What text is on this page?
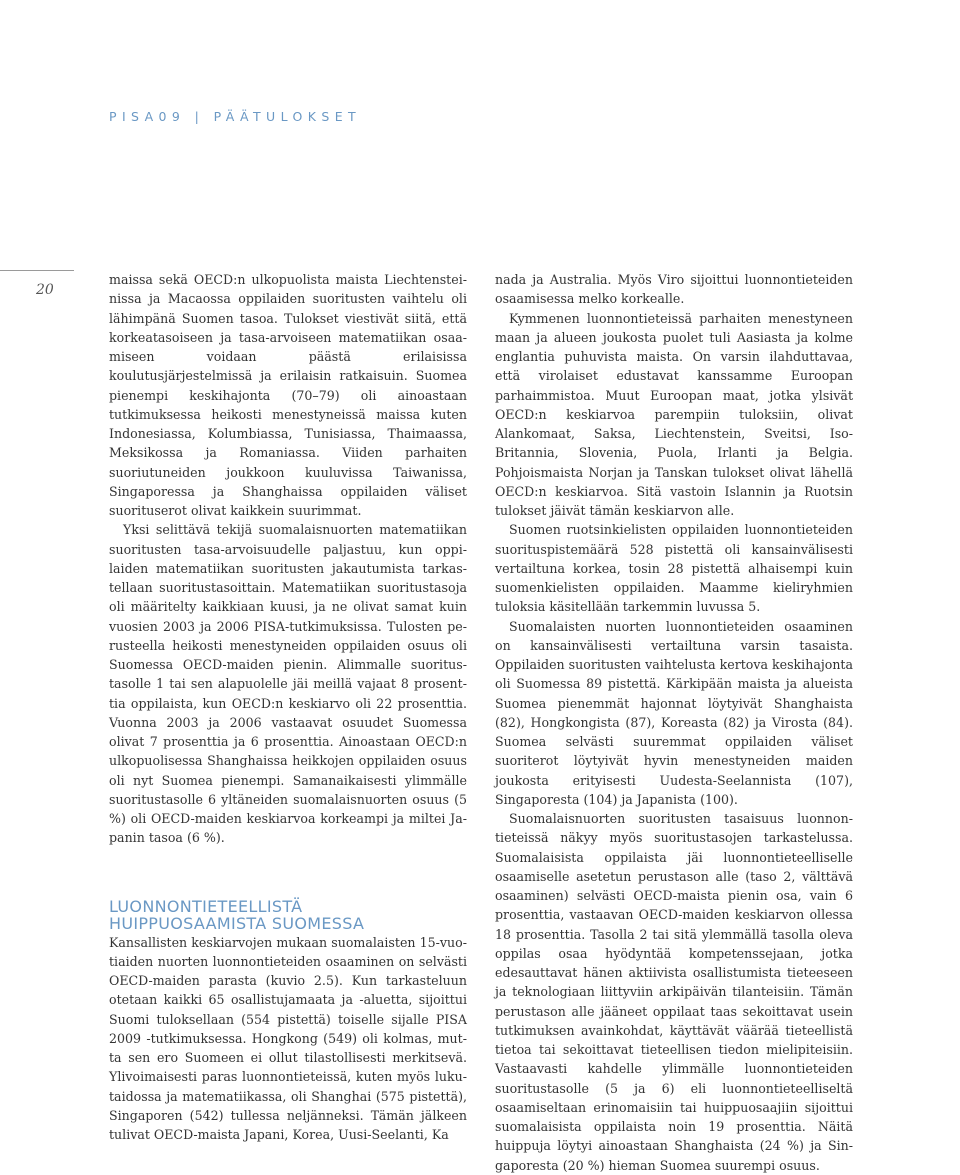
PISA09 | PÄÄTULOKSET
20

maissa sekä OECD:n ulkopuolista maista Liechtensteinissa ja Macaossa oppilaiden suoritusten vaihtelu oli lähimpänä Suomen tasoa. Tulokset viestivät siitä, että korkeatasoiseen ja tasa-arvoiseen matematiikan osaamiseen voidaan päästä erilaisissa koulutusjärjestelmissä ja erilaisin ratkaisuin. Suomea pienempi keskihajonta (70–79) oli ainoastaan tutkimuksessa heikosti menestyneissä maissa kuten Indonesiassa, Kolumbiassa, Tunisiassa, Thaimaassa, Meksikossa ja Romaniassa. Viiden parhaiten suoriutuneiden joukkoon kuuluvissa Taiwanissa, Singaporessa ja Shanghaissa oppilaiden väliset suorituserot olivat kaikkein suurimmat.

Yksi selittävä tekijä suomalaisnuorten matematiikan suoritusten tasa-arvoisuudelle paljastuu, kun oppilaiden matematiikan suoritusten jakautumista tarkastellaan suoritustasoittain. Matematiikan suoritustasoja oli määritelty kaikkiaan kuusi, ja ne olivat samat kuin vuosien 2003 ja 2006 PISA-tutkimuksissa. Tulosten perusteella heikosti menestyneiden oppilaiden osuus oli Suomessa OECD-maiden pienin. Alimmalle suoritustasolle 1 tai sen alapuolelle jäi meillä vajaat 8 prosenttia oppilaista, kun OECD:n keskiarvo oli 22 prosenttia. Vuonna 2003 ja 2006 vastaavat osuudet Suomessa olivat 7 prosenttia ja 6 prosenttia. Ainoastaan OECD:n ulkopuolisessa Shanghaissa heikkojen oppilaiden osuus oli nyt Suomea pienempi. Samanaikaisesti ylimmälle suoritustasolle 6 yltäneiden suomalaisnuorten osuus (5 %) oli OECD-maiden keskiarvoa korkeampi ja miltei Japanin tasoa (6 %).

LUONNONTIETEELLISTÄ
HUIPPUOSAAMISTA SUOMESSA

Kansallisten keskiarvojen mukaan suomalaisten 15-vuotiaiden nuorten luonnontieteiden osaaminen on selvästi OECD-maiden parasta (kuvio 2.5). Kun tarkasteluun otetaan kaikki 65 osallistujamaata ja -aluetta, sijoittui Suomi tuloksellaan (554 pistettä) toiselle sijalle PISA 2009 -tutkimuksessa. Hongkong (549) oli kolmas, mutta sen ero Suomeen ei ollut tilastollisesti merkitsevä. Ylivoimaisesti paras luonnontieteissä, kuten myös lukutaidossa ja matematiikassa, oli Shanghai (575 pistettä), Singaporen (542) tullessa neljänneksi. Tämän jälkeen tulivat OECD-maista Japani, Korea, Uusi-Seelanti, Ka

nada ja Australia. Myös Viro sijoittui luonnontieteiden osaamisessa melko korkealle.

Kymmenen luonnontieteissä parhaiten menestyneen maan ja alueen joukosta puolet tuli Aasiasta ja kolme englantia puhuvista maista. On varsin ilahduttavaa, että virolaiset edustavat kanssamme Euroopan parhaimmistoa. Muut Euroopan maat, jotka ylsivät OECD:n keskiarvoa parempiin tuloksiin, olivat Alankomaat, Saksa, Liechtenstein, Sveitsi, Iso-Britannia, Slovenia, Puola, Irlanti ja Belgia. Pohjoismaista Norjan ja Tanskan tulokset olivat lähellä OECD:n keskiarvoa. Sitä vastoin Islannin ja Ruotsin tulokset jäivät tämän keskiarvon alle.

Suomen ruotsinkielisten oppilaiden luonnontieteiden suorituspistemäärä 528 pistettä oli kansainvälisesti vertailtuna korkea, tosin 28 pistettä alhaisempi kuin suomenkielisten oppilaiden. Maamme kieliryhmien tuloksia käsitellään tarkemmin luvussa 5.

Suomalaisten nuorten luonnontieteiden osaaminen on kansainvälisesti vertailtuna varsin tasaista. Oppilaiden suoritusten vaihtelusta kertova keskihajonta oli Suomessa 89 pistettä. Kärkipään maista ja alueista Suomea pienemmät hajonnat löytyivät Shanghaista (82), Hongkongista (87), Koreasta (82) ja Virosta (84). Suomea selvästi suuremmat oppilaiden väliset suoriterot löytyivät hyvin menestyneiden maiden joukosta erityisesti Uudesta-Seelannista (107), Singaporesta (104) ja Japanista (100).

Suomalaisnuorten suoritusten tasaisuus luonnontieteissä näkyy myös suoritustasojen tarkastelussa. Suomalaisista oppilaista jäi luonnontieteelliselle osaamiselle asetetun perustason alle (taso 2, välttävä osaaminen) selvästi OECD-maista pienin osa, vain 6 prosenttia, vastaavan OECD-maiden keskiarvon ollessa 18 prosenttia. Tasolla 2 tai sitä ylemmällä tasolla oleva oppilas osaa hyödyntää kompetenssejaan, jotka edesauttavat hänen aktiivista osallistumista tieteeseen ja teknologiaan liittyviin arkipäivän tilanteisiin. Tämän perustason alle jääneet oppilaat taas sekoittavat usein tutkimuksen avainkohdat, käyttävät väärää tieteellistä tietoa tai sekoittavat tieteellisen tiedon mielipiteisiin. Vastaavasti kahdelle ylimmälle luonnontieteiden suoritustasolle (5 ja 6) eli luonnontieteelliseltä osaamiseltaan erinomaisiin tai huippuosaajiin sijoittui suomalaisista oppilaista noin 19 prosenttia. Näitä huippuja löytyi ainoastaan Shanghaista (24 %) ja Singaporesta (20 %) hieman Suomea suurempi osuus.
